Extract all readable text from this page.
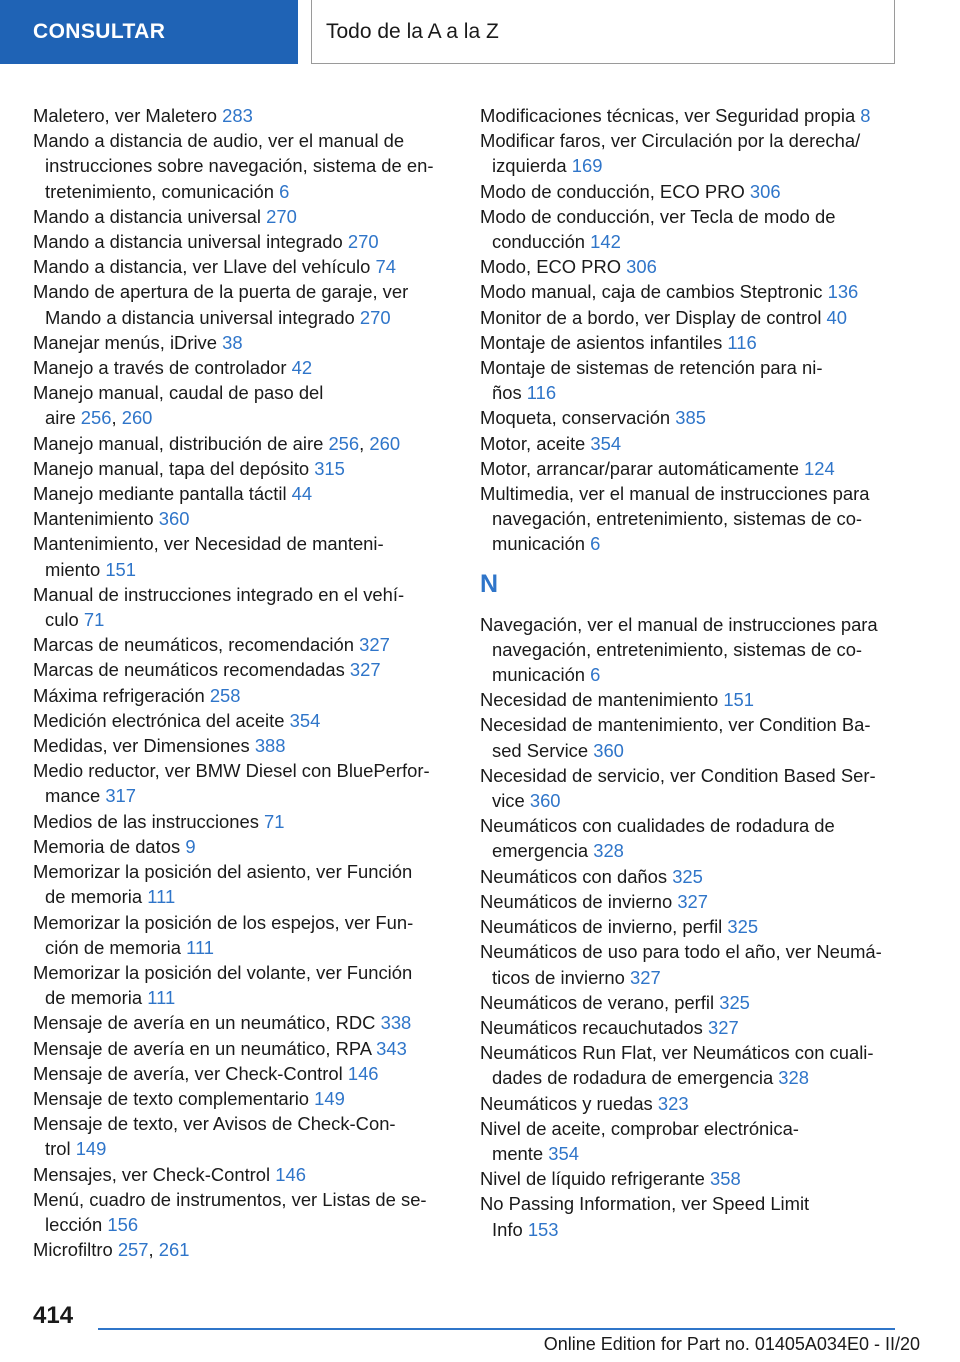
CONSULTAR	Todo de la A a la Z
Maletero, ver Maletero 283
Mando a distancia de audio, ver el manual de
instrucciones sobre navegación, sistema de en-
tretenimiento, comunicación 6
Mando a distancia universal 270
Mando a distancia universal integrado 270
Mando a distancia, ver Llave del vehículo 74
Mando de apertura de la puerta de garaje, ver
Mando a distancia universal integrado 270
Manejar menús, iDrive 38
Manejo a través de controlador 42
Manejo manual, caudal de paso del
aire 256, 260
Manejo manual, distribución de aire 256, 260
Manejo manual, tapa del depósito 315
Manejo mediante pantalla táctil 44
Mantenimiento 360
Mantenimiento, ver Necesidad de manteni-
miento 151
Manual de instrucciones integrado en el vehí-
culo 71
Marcas de neumáticos, recomendación 327
Marcas de neumáticos recomendadas 327
Máxima refrigeración 258
Medición electrónica del aceite 354
Medidas, ver Dimensiones 388
Medio reductor, ver BMW Diesel con BluePerfor-
mance 317
Medios de las instrucciones 71
Memoria de datos 9
Memorizar la posición del asiento, ver Función
de memoria 111
Memorizar la posición de los espejos, ver Fun-
ción de memoria 111
Memorizar la posición del volante, ver Función
de memoria 111
Mensaje de avería en un neumático, RDC 338
Mensaje de avería en un neumático, RPA 343
Mensaje de avería, ver Check-Control 146
Mensaje de texto complementario 149
Mensaje de texto, ver Avisos de Check-Con-
trol 149
Mensajes, ver Check-Control 146
Menú, cuadro de instrumentos, ver Listas de se-
lección 156
Microfiltro 257, 261
Modificaciones técnicas, ver Seguridad propia 8
Modificar faros, ver Circulación por la derecha/
izquierda 169
Modo de conducción, ECO PRO 306
Modo de conducción, ver Tecla de modo de
conducción 142
Modo, ECO PRO 306
Modo manual, caja de cambios Steptronic 136
Monitor de a bordo, ver Display de control 40
Montaje de asientos infantiles 116
Montaje de sistemas de retención para ni-
ños 116
Moqueta, conservación 385
Motor, aceite 354
Motor, arrancar/parar automáticamente 124
Multimedia, ver el manual de instrucciones para
navegación, entretenimiento, sistemas de co-
municación 6
N
Navegación, ver el manual de instrucciones para
navegación, entretenimiento, sistemas de co-
municación 6
Necesidad de mantenimiento 151
Necesidad de mantenimiento, ver Condition Ba-
sed Service 360
Necesidad de servicio, ver Condition Based Ser-
vice 360
Neumáticos con cualidades de rodadura de
emergencia 328
Neumáticos con daños 325
Neumáticos de invierno 327
Neumáticos de invierno, perfil 325
Neumáticos de uso para todo el año, ver Neumá-
ticos de invierno 327
Neumáticos de verano, perfil 325
Neumáticos recauchutados 327
Neumáticos Run Flat, ver Neumáticos con cuali-
dades de rodadura de emergencia 328
Neumáticos y ruedas 323
Nivel de aceite, comprobar electrónica-
mente 354
Nivel de líquido refrigerante 358
No Passing Information, ver Speed Limit
Info 153
414
Online Edition for Part no. 01405A034E0 - II/20
